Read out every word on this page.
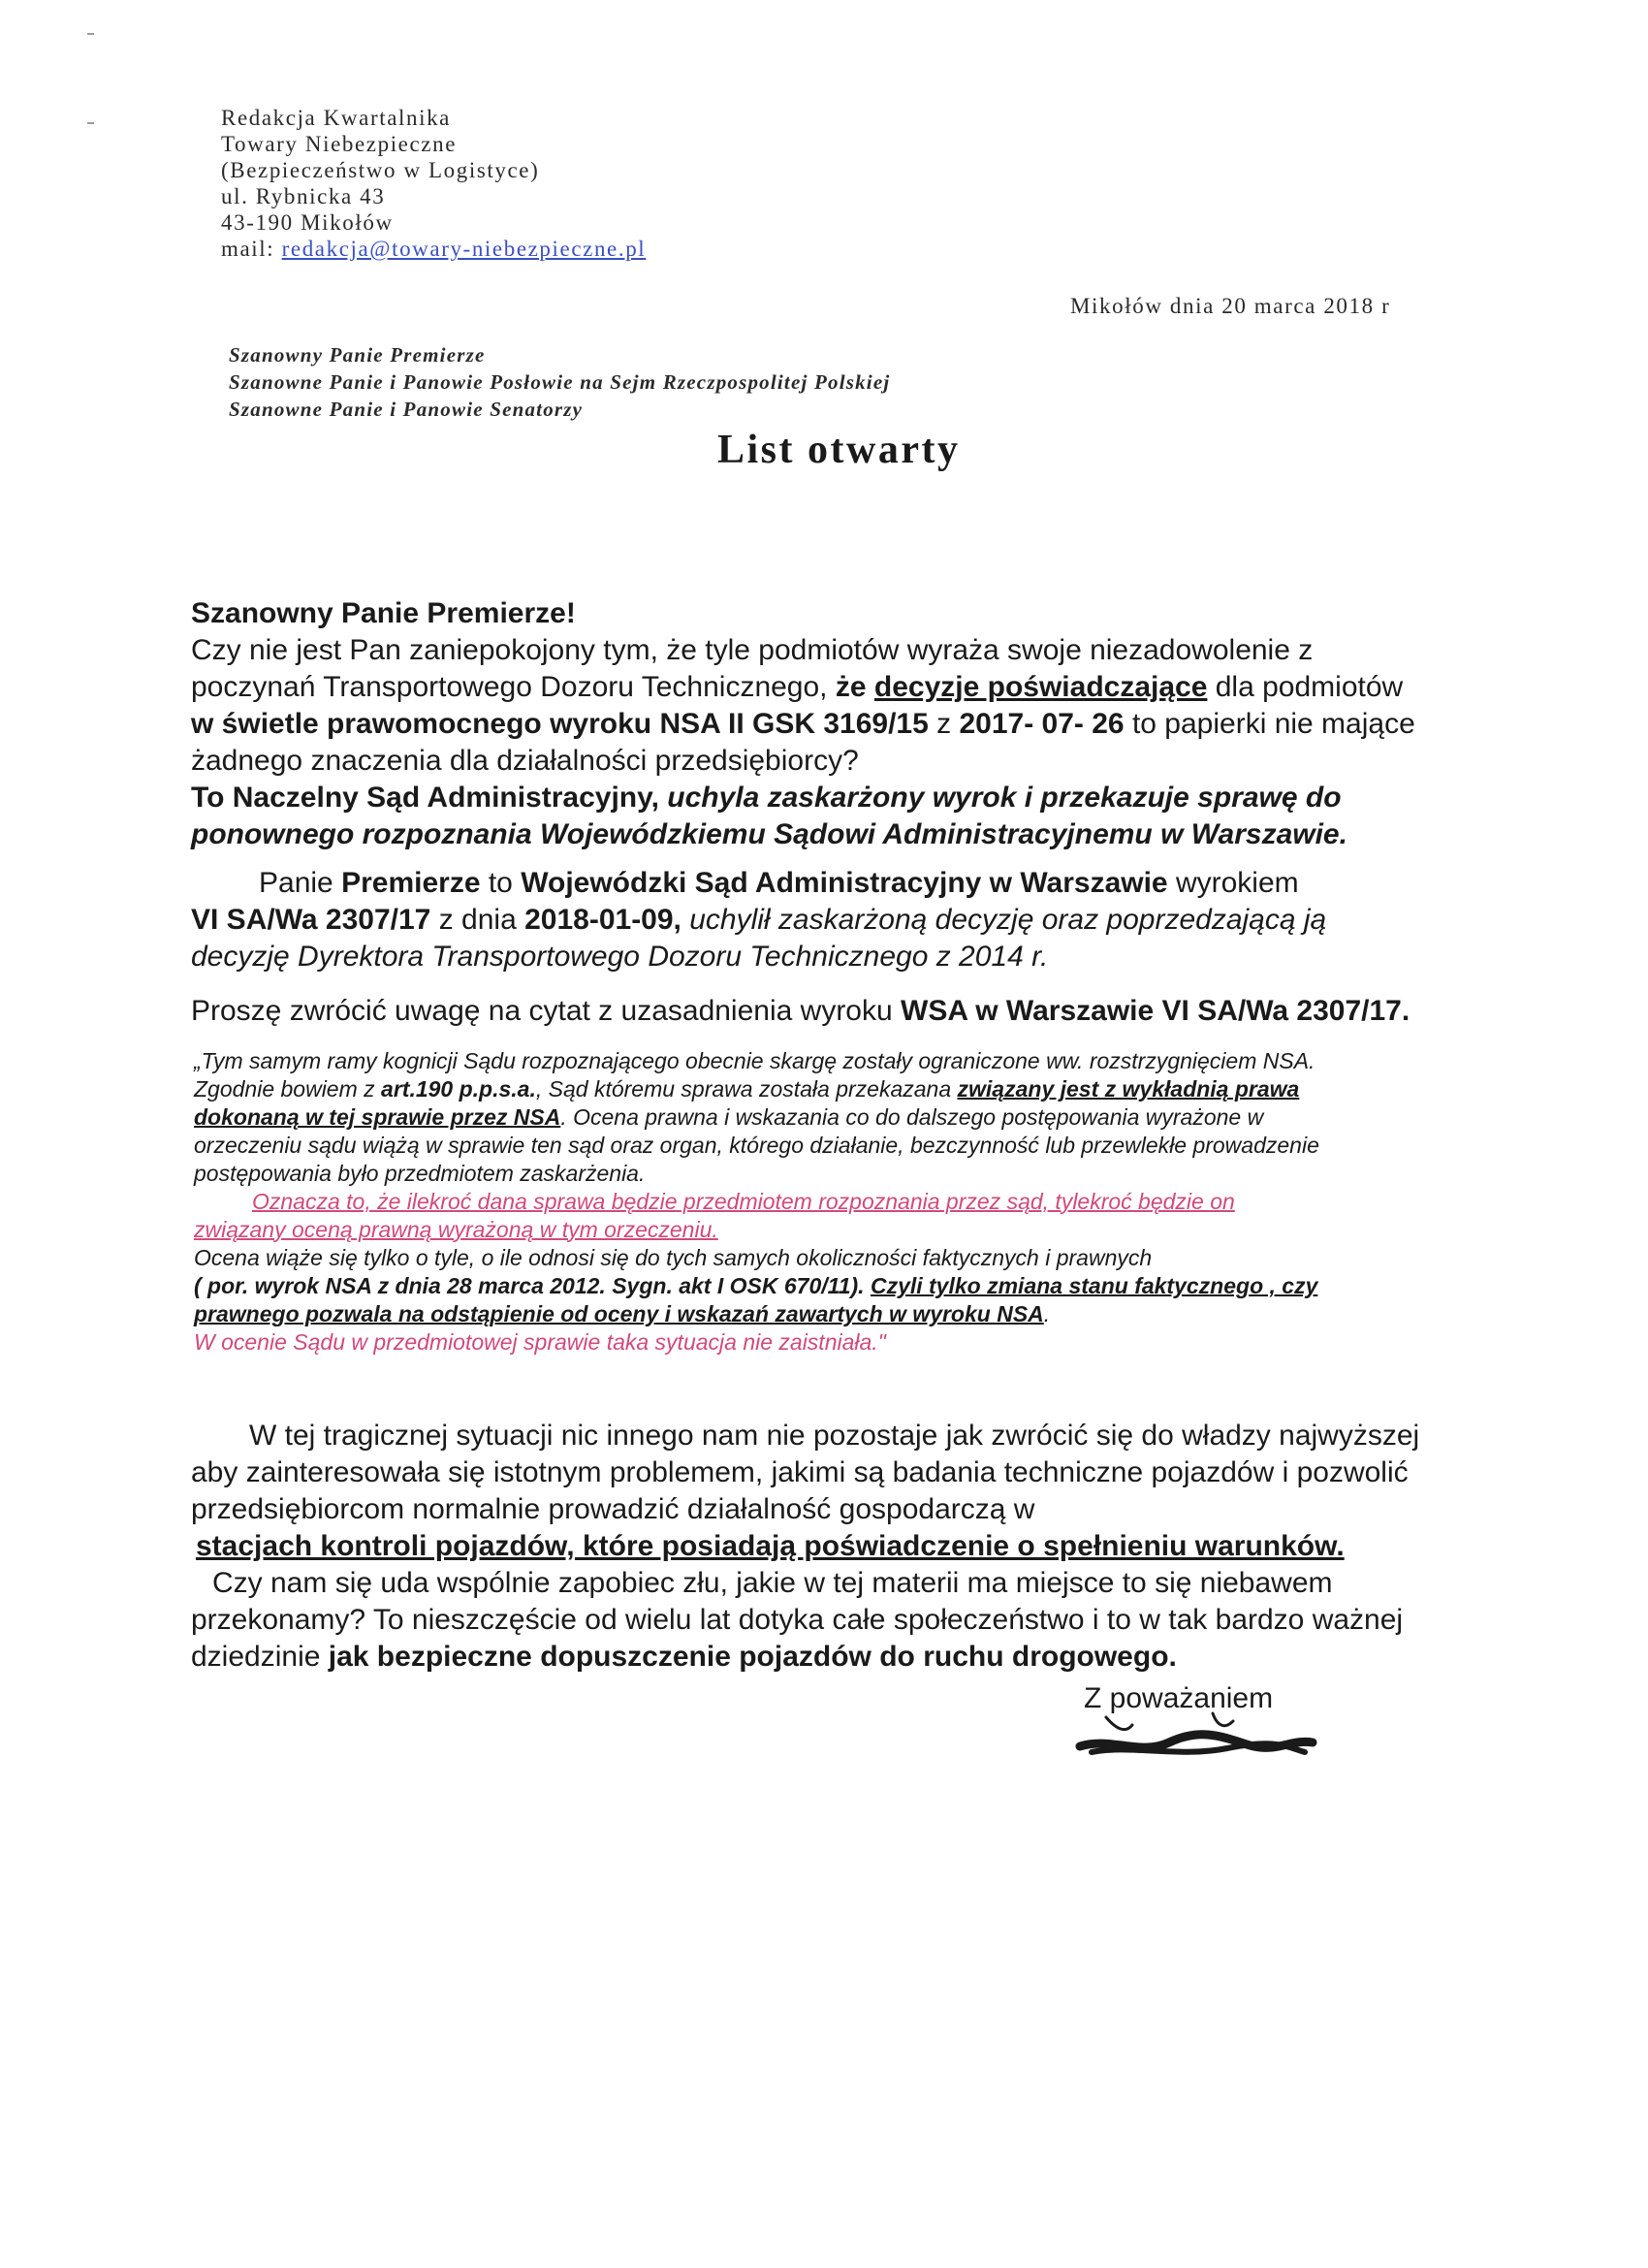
Redakcja Kwartalnika
Towary Niebezpieczne
(Bezpieczeństwo w Logistyce)
ul. Rybnicka 43
43-190 Mikołów
mail: redakcja@towary-niebezpieczne.pl
Mikołów dnia 20 marca 2018 r
Szanowny Panie Premierze
Szanowne Panie i Panowie Posłowie na Sejm Rzeczpospolitej Polskiej
Szanowne Panie i Panowie Senatorzy
List otwarty
Szanowny Panie Premierze!
Czy nie jest Pan zaniepokojony tym, że tyle podmiotów wyraża swoje niezadowolenie z
poczynań Transportowego Dozoru Technicznego, że decyzje poświadczające dla podmiotów
w świetle prawomocnego wyroku NSA II GSK 3169/15 z 2017- 07- 26 to papierki nie mające
żadnego znaczenia dla działalności przedsiębiorcy?
To Naczelny Sąd Administracyjny, uchyla zaskarżony wyrok i przekazuje sprawę do
ponownego rozpoznania Wojewódzkiemu Sądowi Administracyjnemu w Warszawie.
Panie Premierze to Wojewódzki Sąd Administracyjny w Warszawie wyrokiem
VI SA/Wa 2307/17 z dnia 2018-01-09, uchylił zaskarżoną decyzję oraz poprzedzającą ją
decyzję Dyrektora Transportowego Dozoru Technicznego z 2014 r.
Proszę zwrócić uwagę na cytat z uzasadnienia wyroku WSA w Warszawie VI SA/Wa 2307/17.
„Tym samym ramy kognicji Sądu rozpoznającego obecnie skargę zostały ograniczone ww. rozstrzygnięciem NSA.
Zgodnie bowiem z art.190 p.p.s.a., Sąd któremu sprawa została przekazana związany jest z wykładnią prawa
dokonaną w tej sprawie przez NSA. Ocena prawna i wskazania co do dalszego postępowania wyrażone w
orzeczeniu sądu wiążą w sprawie ten sąd oraz organ, którego działanie, bezczynność lub przewlekłe prowadzenie
postępowania było przedmiotem zaskarżenia.
Oznacza to, że ilekroć dana sprawa będzie przedmiotem rozpoznania przez sąd, tylekroć będzie on
związany oceną prawną wyrażoną w tym orzeczeniu.
Ocena wiąże się tylko o tyle, o ile odnosi się do tych samych okoliczności faktycznych i prawnych
( por. wyrok NSA z dnia 28 marca 2012. Sygn. akt I OSK 670/11). Czyli tylko zmiana stanu faktycznego , czy
prawnego pozwala na odstąpienie od oceny i wskazań zawartych w wyroku NSA.
W ocenie Sądu w przedmiotowej sprawie taka sytuacja nie zaistniała."
W tej tragicznej sytuacji nic innego nam nie pozostaje jak zwrócić się do władzy najwyższej
aby zainteresowała się istotnym problemem, jakimi są badania techniczne pojazdów i pozwolić
przedsiębiorcom normalnie prowadzić działalność gospodarczą w
stacjach kontroli pojazdów, które posiadają poświadczenie o spełnieniu warunków.
Czy nam się uda wspólnie zapobiec złu, jakie w tej materii ma miejsce to się niebawem
przekonamy? To nieszczęście od wielu lat dotyka całe społeczeństwo i to w tak bardzo ważnej
dziedzinie jak bezpieczne dopuszczenie pojazdów do ruchu drogowego.
Z poważaniem
